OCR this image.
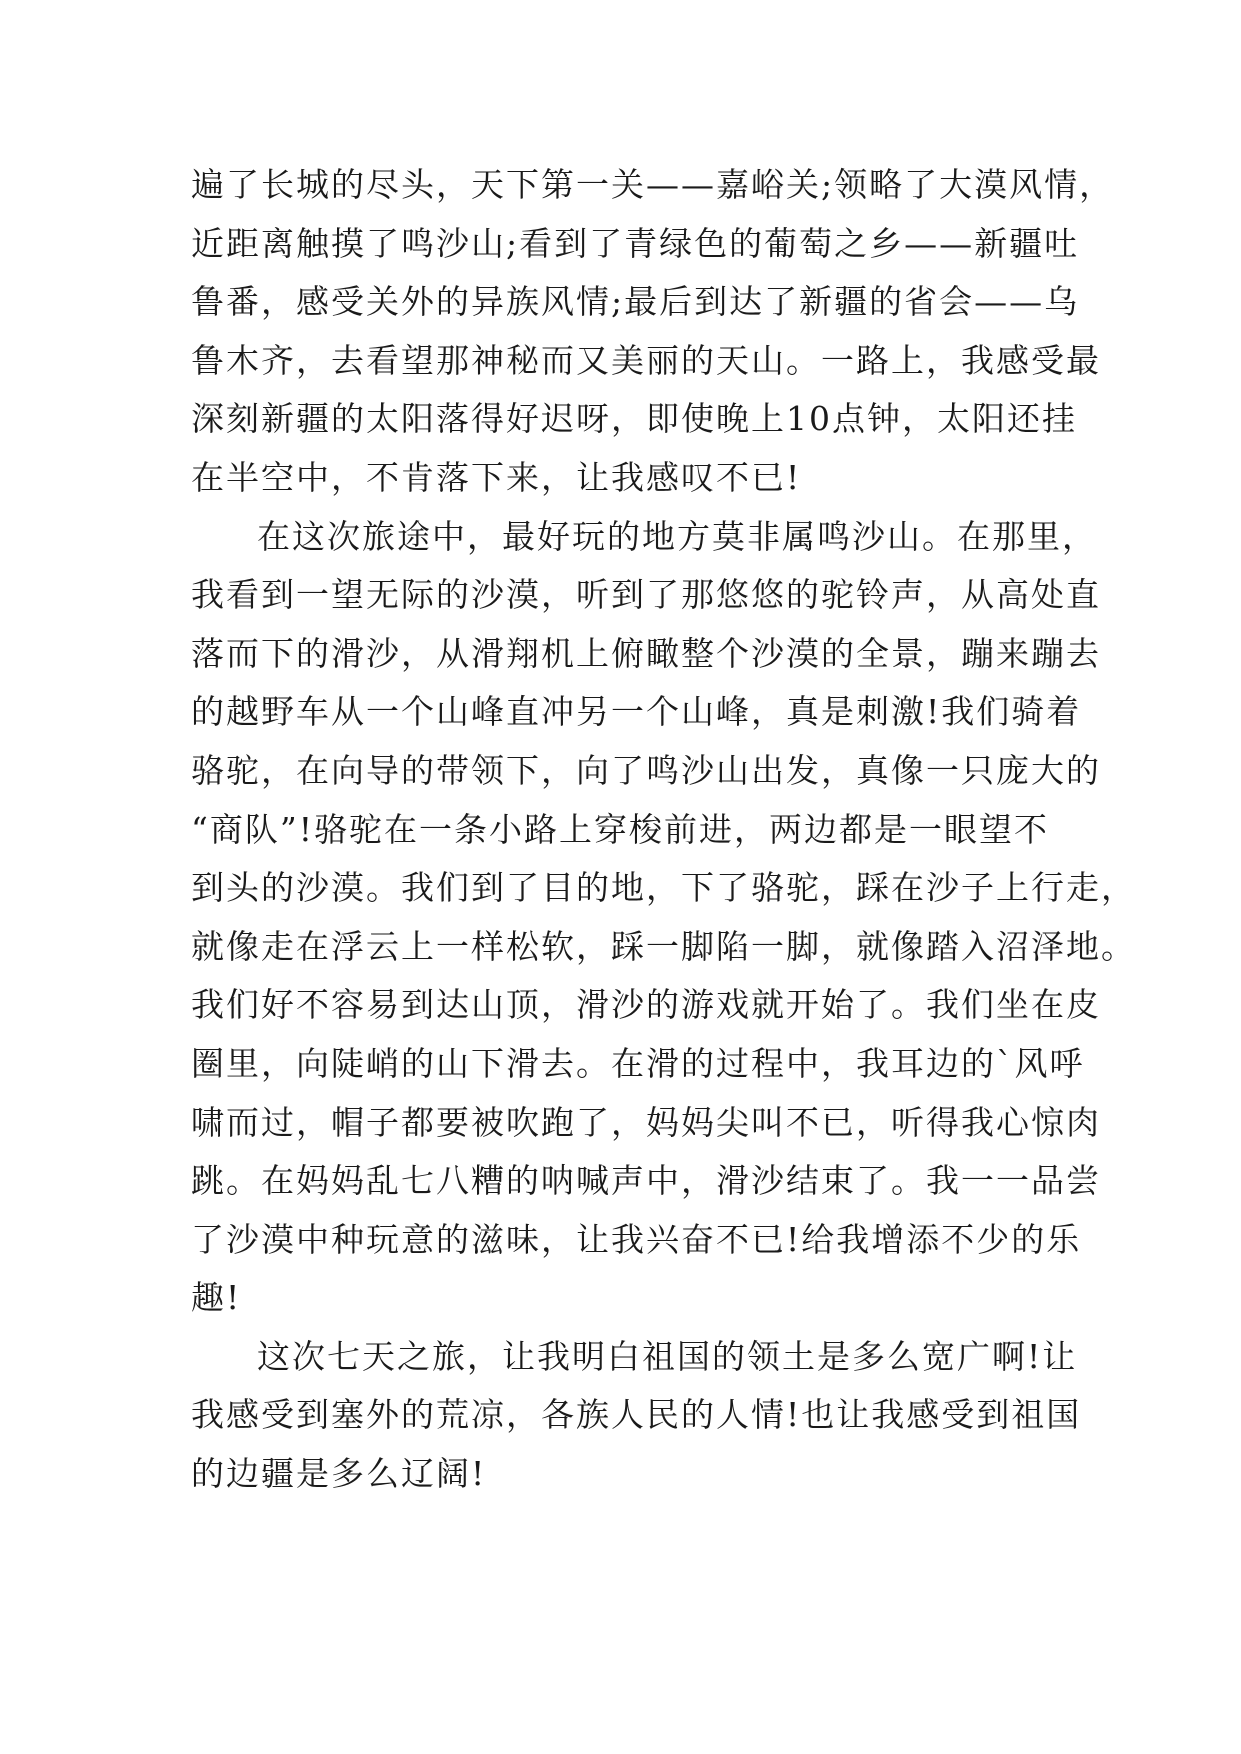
遍了长城的尽头，天下第一关——嘉峪关;领略了大漠风情，
近距离触摸了鸣沙山;看到了青绿色的葡萄之乡——新疆吐
鲁番，感受关外的异族风情;最后到达了新疆的省会——乌
鲁木齐，去看望那神秘而又美丽的天山。一路上，我感受最
深刻新疆的太阳落得好迟呀，即使晚上10点钟，太阳还挂
在半空中，不肯落下来，让我感叹不已!
在这次旅途中，最好玩的地方莫非属鸣沙山。在那里，
我看到一望无际的沙漠，听到了那悠悠的驼铃声，从高处直
落而下的滑沙，从滑翔机上俯瞰整个沙漠的全景，蹦来蹦去
的越野车从一个山峰直冲另一个山峰，真是刺激!我们骑着
骆驼，在向导的带领下，向了鸣沙山出发，真像一只庞大的
“商队”!骆驼在一条小路上穿梭前进，两边都是一眼望不
到头的沙漠。我们到了目的地，下了骆驼，踩在沙子上行走，
就像走在浮云上一样松软，踩一脚陷一脚，就像踏入沼泽地。
我们好不容易到达山顶，滑沙的游戏就开始了。我们坐在皮
圈里，向陡峭的山下滑去。在滑的过程中，我耳边的`风呼
啸而过，帽子都要被吹跑了，妈妈尖叫不已，听得我心惊肉
跳。在妈妈乱七八糟的呐喊声中，滑沙结束了。我一一品尝
了沙漠中种玩意的滋味，让我兴奋不已!给我增添不少的乐
趣!
这次七天之旅，让我明白祖国的领土是多么宽广啊!让
我感受到塞外的荒凉，各族人民的人情!也让我感受到祖国
的边疆是多么辽阔!
